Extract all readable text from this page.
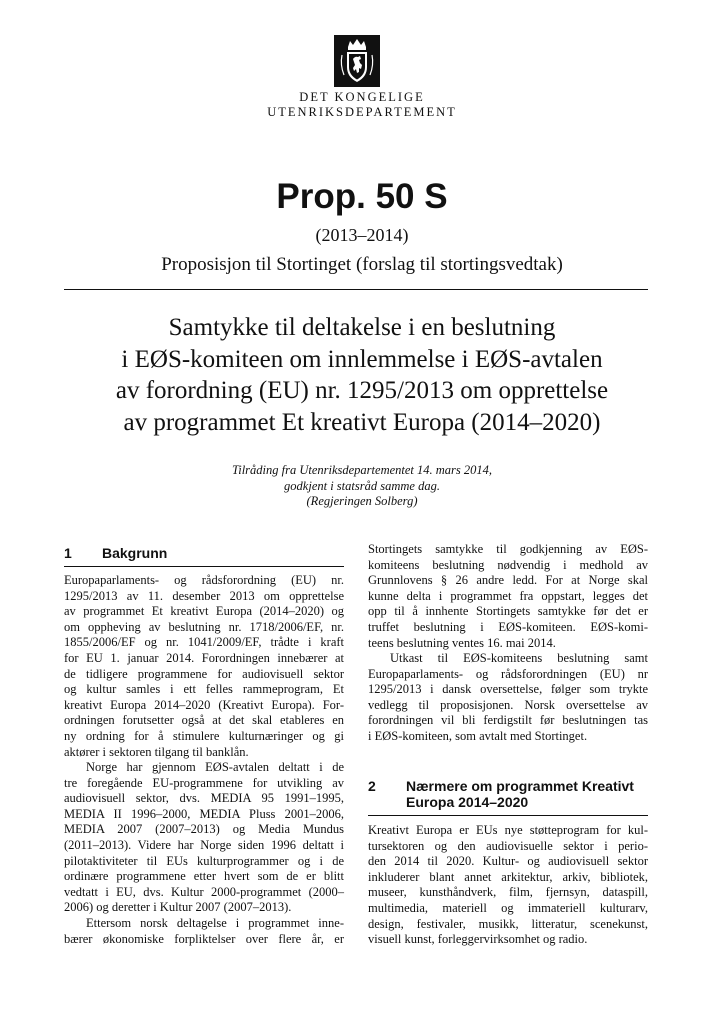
DET KONGELIGE
UTENRIKSDEPARTEMENT
Prop. 50 S
(2013–2014)
Proposisjon til Stortinget (forslag til stortingsvedtak)
Samtykke til deltakelse i en beslutning
i EØS-komiteen om innlemmelse i EØS-avtalen
av forordning (EU) nr. 1295/2013 om opprettelse
av programmet Et kreativt Europa (2014–2020)
Tilråding fra Utenriksdepartementet 14. mars 2014,
godkjent i statsråd samme dag.
(Regjeringen Solberg)
1 Bakgrunn
Europaparlaments- og rådsforordning (EU) nr.
1295/2013 av 11. desember 2013 om opprettelse
av programmet Et kreativt Europa (2014–2020) og
om oppheving av beslutning nr. 1718/2006/EF, nr.
1855/2006/EF og nr. 1041/2009/EF, trådte i kraft
for EU 1. januar 2014. Forordningen innebærer at
de tidligere programmene for audiovisuell sektor
og kultur samles i ett felles rammeprogram, Et
kreativt Europa 2014–2020 (Kreativt Europa). For-
ordningen forutsetter også at det skal etableres en
ny ordning for å stimulere kulturnæringer og gi
aktører i sektoren tilgang til banklån.
Norge har gjennom EØS-avtalen deltatt i de
tre foregående EU-programmene for utvikling av
audiovisuell sektor, dvs. MEDIA 95 1991–1995,
MEDIA II 1996–2000, MEDIA Pluss 2001–2006,
MEDIA 2007 (2007–2013) og Media Mundus
(2011–2013). Videre har Norge siden 1996 deltatt i
pilotaktiviteter til EUs kulturprogrammer og i de
ordinære programmene etter hvert som de er blitt
vedtatt i EU, dvs. Kultur 2000-programmet (2000–
2006) og deretter i Kultur 2007 (2007–2013).
Ettersom norsk deltagelse i programmet inne-
bærer økonomiske forpliktelser over flere år, er
Stortingets samtykke til godkjenning av EØS-
komiteens beslutning nødvendig i medhold av
Grunnlovens § 26 andre ledd. For at Norge skal
kunne delta i programmet fra oppstart, legges det
opp til å innhente Stortingets samtykke før det er
truffet beslutning i EØS-komiteen. EØS-komi-
teens beslutning ventes 16. mai 2014.
Utkast til EØS-komiteens beslutning samt
Europaparlaments- og rådsforordningen (EU) nr
1295/2013 i dansk oversettelse, følger som trykte
vedlegg til proposisjonen. Norsk oversettelse av
forordningen vil bli ferdigstilt før beslutningen tas
i EØS-komiteen, som avtalt med Stortinget.
2 Nærmere om programmet Kreativt
Europa 2014–2020
Kreativt Europa er EUs nye støtteprogram for kul-
tursektoren og den audiovisuelle sektor i perio-
den 2014 til 2020. Kultur- og audiovisuell sektor
inkluderer blant annet arkitektur, arkiv, bibliotek,
museer, kunsthåndverk, film, fjernsyn, dataspill,
multimedia, materiell og immateriell kulturarv,
design, festivaler, musikk, litteratur, scenekunst,
visuell kunst, forleggervirksomhet og radio.
